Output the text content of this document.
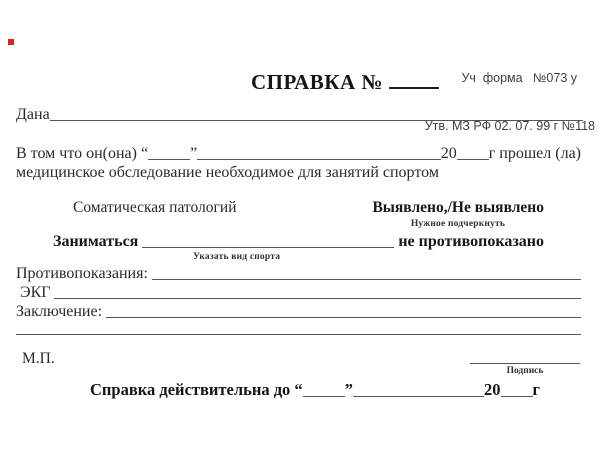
Уч  форма   №073 у

Утв. МЗ РФ 02. 07. 99 г №118

СПРАВКА №
Дана
В том что он(она) “	”	20 г прошел (ла)
медицинское обследование необходимое для занятий спортом
Соматическая патологий	Выявлено,/Не выявлено
Нужное подчеркнуть
Заниматься	не противопоказано
Указать вид спорта
Противопоказания:
ЭКГ
Заключение:
М.П.
Подпись
Справка действительна до “	”	20 г
